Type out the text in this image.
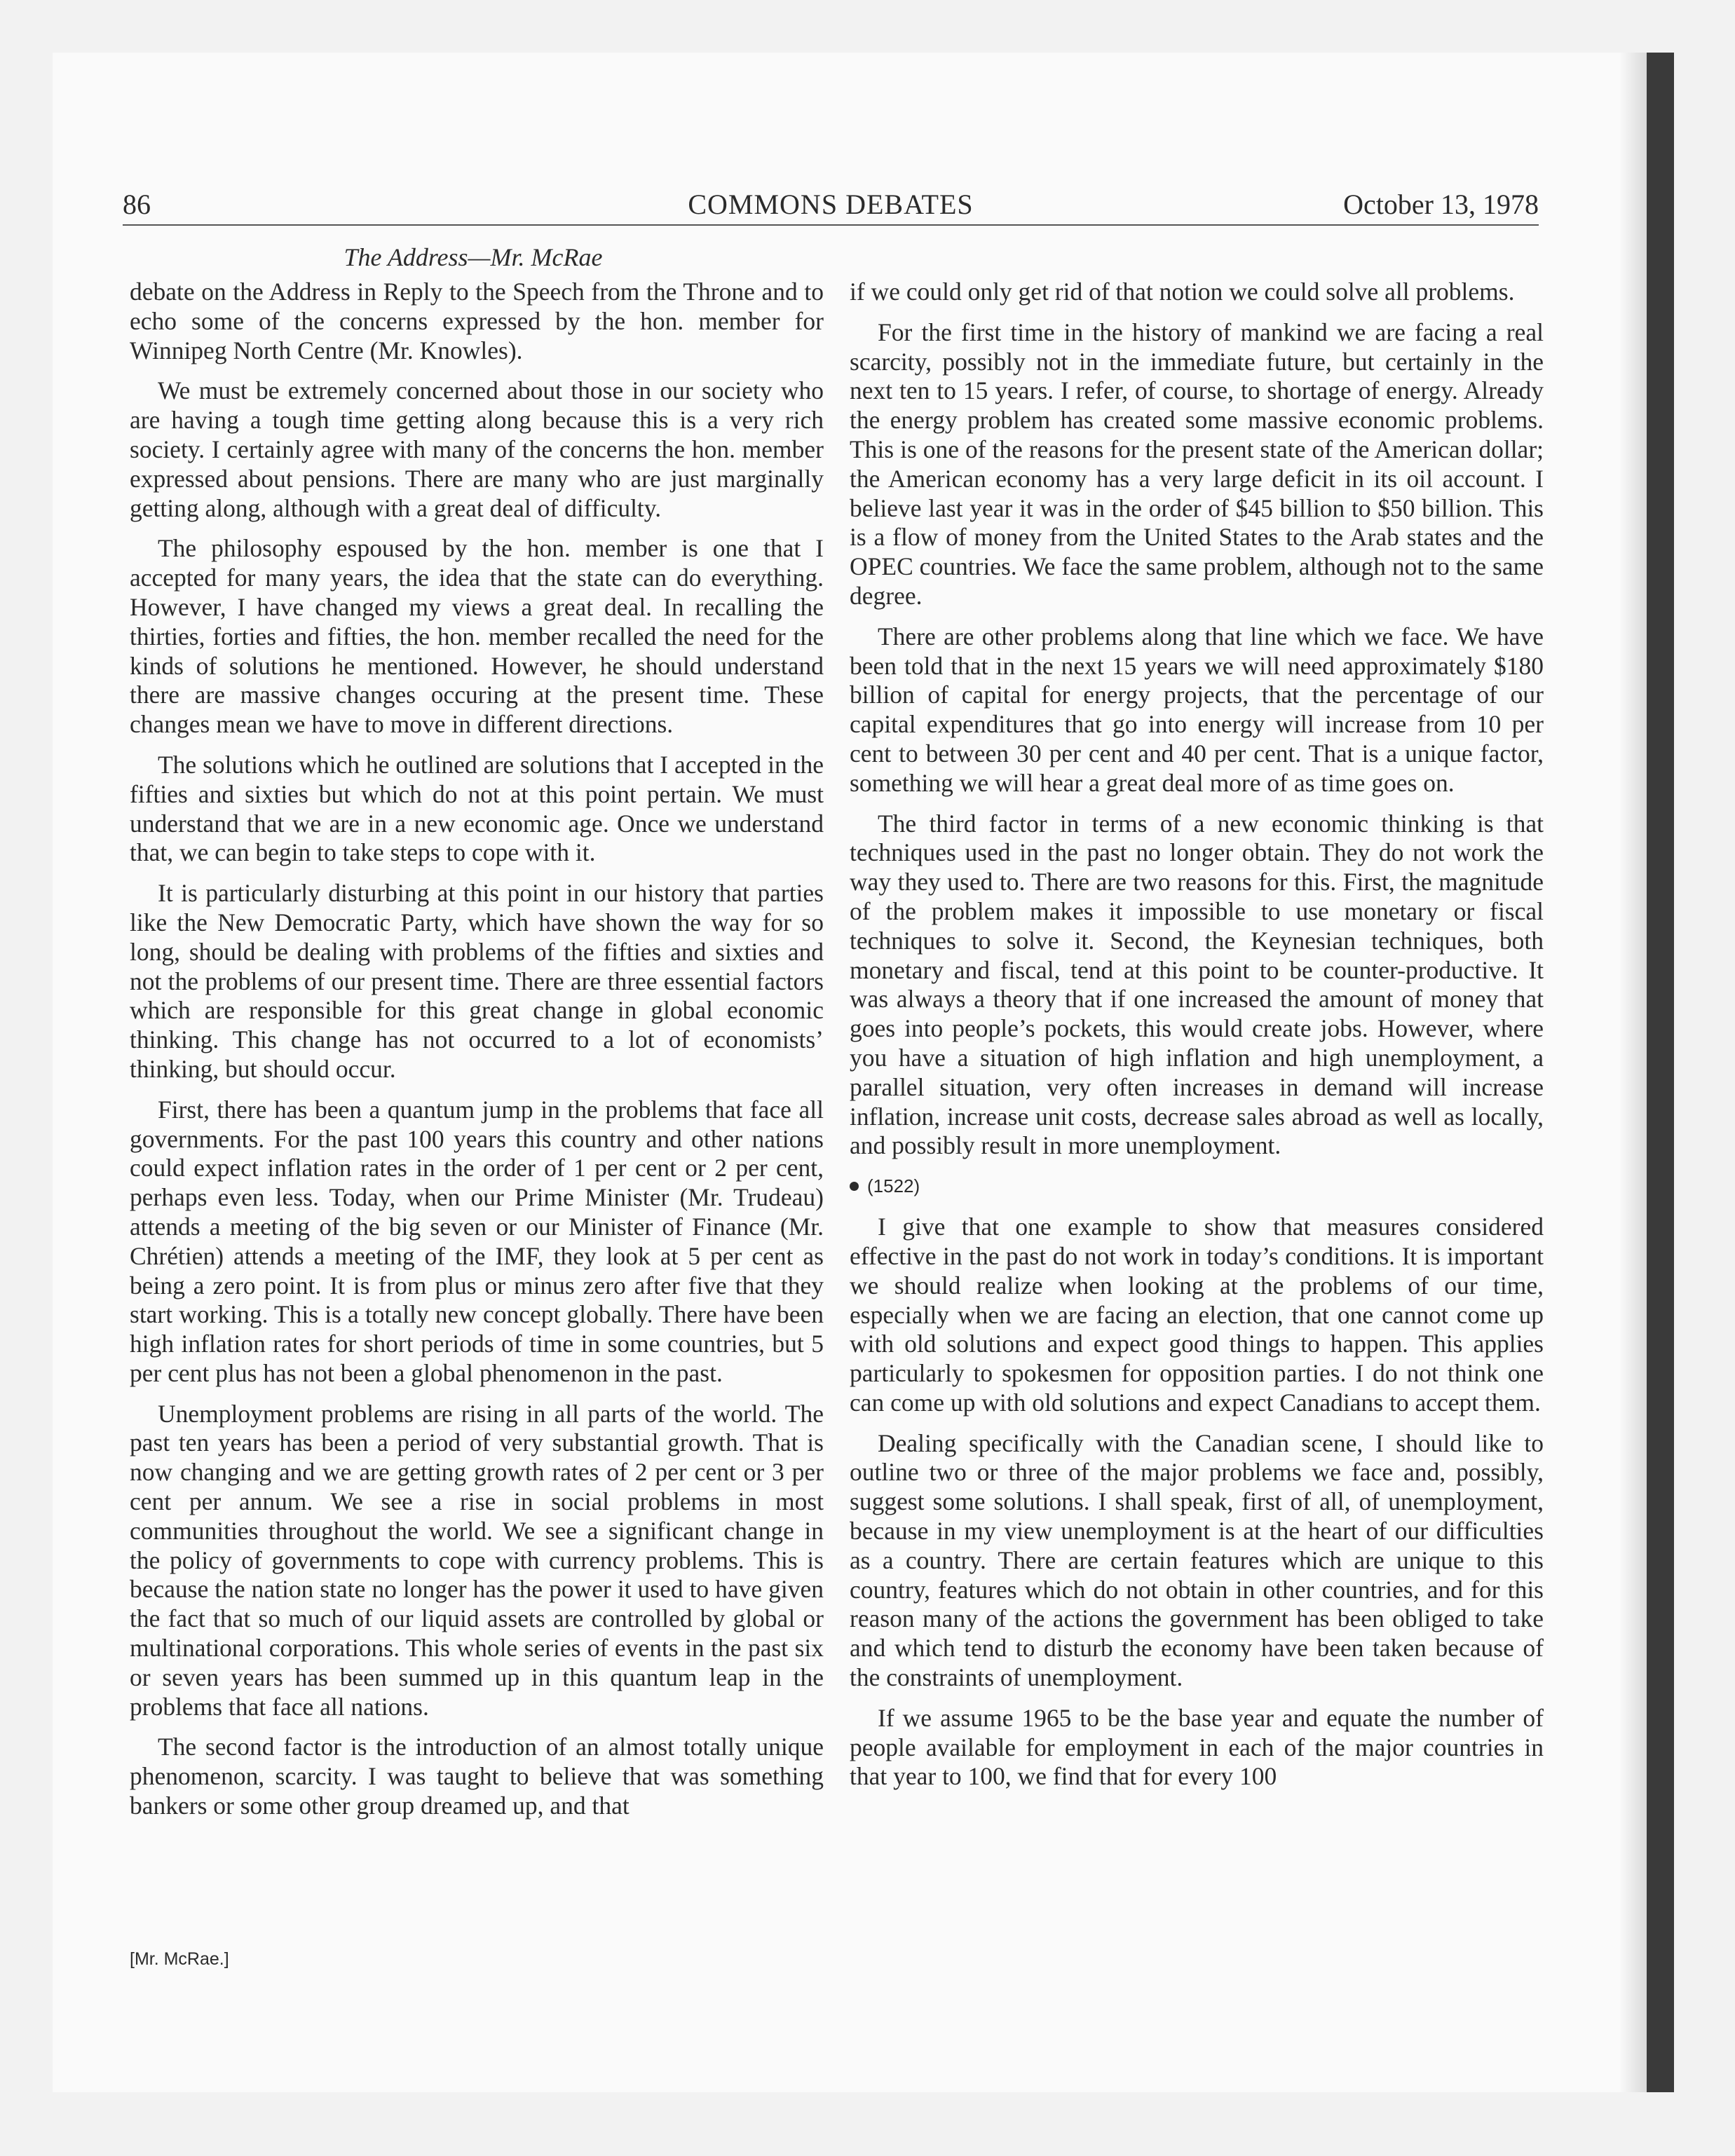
86	COMMONS DEBATES	October 13, 1978
The Address—Mr. McRae

debate on the Address in Reply to the Speech from the Throne and to echo some of the concerns expressed by the hon. member for Winnipeg North Centre (Mr. Knowles).

We must be extremely concerned about those in our society who are having a tough time getting along because this is a very rich society. I certainly agree with many of the concerns the hon. member expressed about pensions. There are many who are just marginally getting along, although with a great deal of difficulty.

The philosophy espoused by the hon. member is one that I accepted for many years, the idea that the state can do everything. However, I have changed my views a great deal. In recalling the thirties, forties and fifties, the hon. member recalled the need for the kinds of solutions he mentioned. However, he should understand there are massive changes occuring at the present time. These changes mean we have to move in different directions.

The solutions which he outlined are solutions that I accepted in the fifties and sixties but which do not at this point pertain. We must understand that we are in a new economic age. Once we understand that, we can begin to take steps to cope with it.

It is particularly disturbing at this point in our history that parties like the New Democratic Party, which have shown the way for so long, should be dealing with problems of the fifties and sixties and not the problems of our present time. There are three essential factors which are responsible for this great change in global economic thinking. This change has not occurred to a lot of economists’ thinking, but should occur.

First, there has been a quantum jump in the problems that face all governments. For the past 100 years this country and other nations could expect inflation rates in the order of 1 per cent or 2 per cent, perhaps even less. Today, when our Prime Minister (Mr. Trudeau) attends a meeting of the big seven or our Minister of Finance (Mr. Chrétien) attends a meeting of the IMF, they look at 5 per cent as being a zero point. It is from plus or minus zero after five that they start working. This is a totally new concept globally. There have been high inflation rates for short periods of time in some countries, but 5 per cent plus has not been a global phenomenon in the past.

Unemployment problems are rising in all parts of the world. The past ten years has been a period of very substantial growth. That is now changing and we are getting growth rates of 2 per cent or 3 per cent per annum. We see a rise in social problems in most communities throughout the world. We see a significant change in the policy of governments to cope with currency problems. This is because the nation state no longer has the power it used to have given the fact that so much of our liquid assets are controlled by global or multinational corporations. This whole series of events in the past six or seven years has been summed up in this quantum leap in the problems that face all nations.

The second factor is the introduction of an almost totally unique phenomenon, scarcity. I was taught to believe that was something bankers or some other group dreamed up, and that

[Mr. McRae.]

if we could only get rid of that notion we could solve all problems.

For the first time in the history of mankind we are facing a real scarcity, possibly not in the immediate future, but certainly in the next ten to 15 years. I refer, of course, to shortage of energy. Already the energy problem has created some massive economic problems. This is one of the reasons for the present state of the American dollar; the American economy has a very large deficit in its oil account. I believe last year it was in the order of $45 billion to $50 billion. This is a flow of money from the United States to the Arab states and the OPEC countries. We face the same problem, although not to the same degree.

There are other problems along that line which we face. We have been told that in the next 15 years we will need approximately $180 billion of capital for energy projects, that the percentage of our capital expenditures that go into energy will increase from 10 per cent to between 30 per cent and 40 per cent. That is a unique factor, something we will hear a great deal more of as time goes on.

The third factor in terms of a new economic thinking is that techniques used in the past no longer obtain. They do not work the way they used to. There are two reasons for this. First, the magnitude of the problem makes it impossible to use monetary or fiscal techniques to solve it. Second, the Keynesian techniques, both monetary and fiscal, tend at this point to be counter-productive. It was always a theory that if one increased the amount of money that goes into people’s pockets, this would create jobs. However, where you have a situation of high inflation and high unemployment, a parallel situation, very often increases in demand will increase inflation, increase unit costs, decrease sales abroad as well as locally, and possibly result in more unemployment.

(1522)

I give that one example to show that measures considered effective in the past do not work in today’s conditions. It is important we should realize when looking at the problems of our time, especially when we are facing an election, that one cannot come up with old solutions and expect good things to happen. This applies particularly to spokesmen for opposition parties. I do not think one can come up with old solutions and expect Canadians to accept them.

Dealing specifically with the Canadian scene, I should like to outline two or three of the major problems we face and, possibly, suggest some solutions. I shall speak, first of all, of unemployment, because in my view unemployment is at the heart of our difficulties as a country. There are certain features which are unique to this country, features which do not obtain in other countries, and for this reason many of the actions the government has been obliged to take and which tend to disturb the economy have been taken because of the constraints of unemployment.

If we assume 1965 to be the base year and equate the number of people available for employment in each of the major countries in that year to 100, we find that for every 100
